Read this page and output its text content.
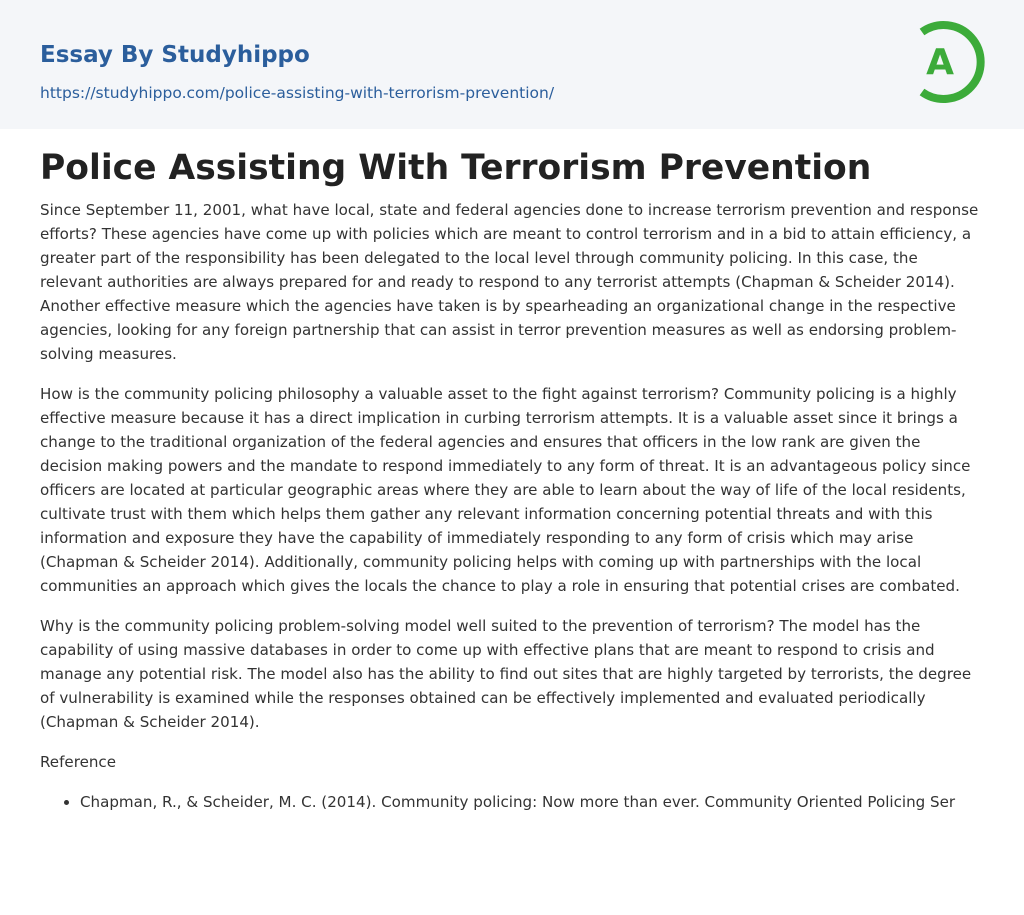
Essay By Studyhippo
https://studyhippo.com/police-assisting-with-terrorism-prevention/
A
Police Assisting With Terrorism Prevention

Since September 11, 2001, what have local, state and federal agencies done to increase terrorism prevention and response efforts? These agencies have come up with policies which are meant to control terrorism and in a bid to attain efficiency, a greater part of the responsibility has been delegated to the local level through community policing. In this case, the relevant authorities are always prepared for and ready to respond to any terrorist attempts (Chapman & Scheider 2014). Another effective measure which the agencies have taken is by spearheading an organizational change in the respective agencies, looking for any foreign partnership that can assist in terror prevention measures as well as endorsing problem-solving measures.

How is the community policing philosophy a valuable asset to the fight against terrorism? Community policing is a highly effective measure because it has a direct implication in curbing terrorism attempts. It is a valuable asset since it brings a change to the traditional organization of the federal agencies and ensures that officers in the low rank are given the decision making powers and the mandate to respond immediately to any form of threat. It is an advantageous policy since officers are located at particular geographic areas where they are able to learn about the way of life of the local residents, cultivate trust with them which helps them gather any relevant information concerning potential threats and with this information and exposure they have the capability of immediately responding to any form of crisis which may arise (Chapman & Scheider 2014). Additionally, community policing helps with coming up with partnerships with the local communities an approach which gives the locals the chance to play a role in ensuring that potential crises are combated.

Why is the community policing problem-solving model well suited to the prevention of terrorism? The model has the capability of using massive databases in order to come up with effective plans that are meant to respond to crisis and manage any potential risk. The model also has the ability to find out sites that are highly targeted by terrorists, the degree of vulnerability is examined while the responses obtained can be effectively implemented and evaluated periodically (Chapman & Scheider 2014).

Reference

• Chapman, R., & Scheider, M. C. (2014). Community policing: Now more than ever. Community Oriented Policing Ser
